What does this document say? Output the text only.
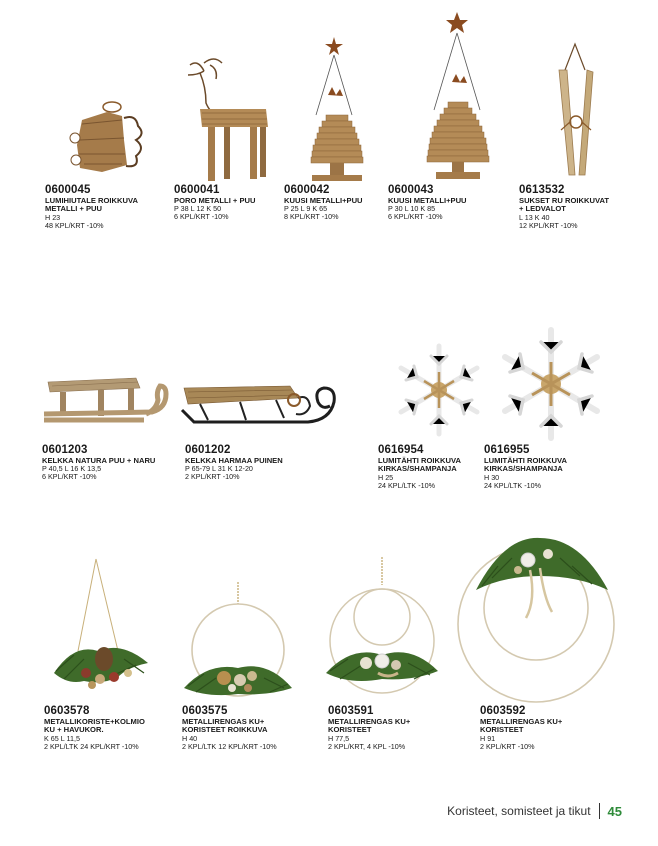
0600045
LUMIHIUTALE ROIKKUVA
METALLI + PUU
H 23
48 KPL/KRT -10%
0600041
PORO METALLI + PUU
P 38 L 12 K 50
6 KPL/KRT -10%
0600042
KUUSI METALLI+PUU
P 25 L 9 K 65
8 KPL/KRT -10%
0600043
KUUSI METALLI+PUU
P 30 L 10 K 85
6 KPL/KRT -10%
0613532
SUKSET RU ROIKKUVAT
+ LEDVALOT
L 13 K 40
12 KPL/KRT -10%
0601203
KELKKA NATURA PUU + NARU
P 40,5 L 16 K 13,5
6 KPL/KRT -10%
0601202
KELKKA HARMAA PUINEN
P 65-79 L 31 K 12-20
2 KPL/KRT -10%
0616954
LUMITÄHTI ROIKKUVA
KIRKAS/SHAMPANJA
H 25
24 KPL/LTK -10%
0616955
LUMITÄHTI ROIKKUVA
KIRKAS/SHAMPANJA
H 30
24 KPL/LTK -10%
0603578
METALLIKORISTE+KOLMIO
KU + HAVUKOR.
K 65 L 11,5
2 KPL/LTK 24 KPL/KRT -10%
0603575
METALLIRENGAS KU+
KORISTEET ROIKKUVA
H 40
2 KPL/LTK 12 KPL/KRT -10%
0603591
METALLIRENGAS KU+
KORISTEET
H 77,5
2 KPL/KRT, 4 KPL -10%
0603592
METALLIRENGAS KU+
KORISTEET
H 91
2 KPL/KRT -10%
Koristeet, somisteet ja tikut 45
